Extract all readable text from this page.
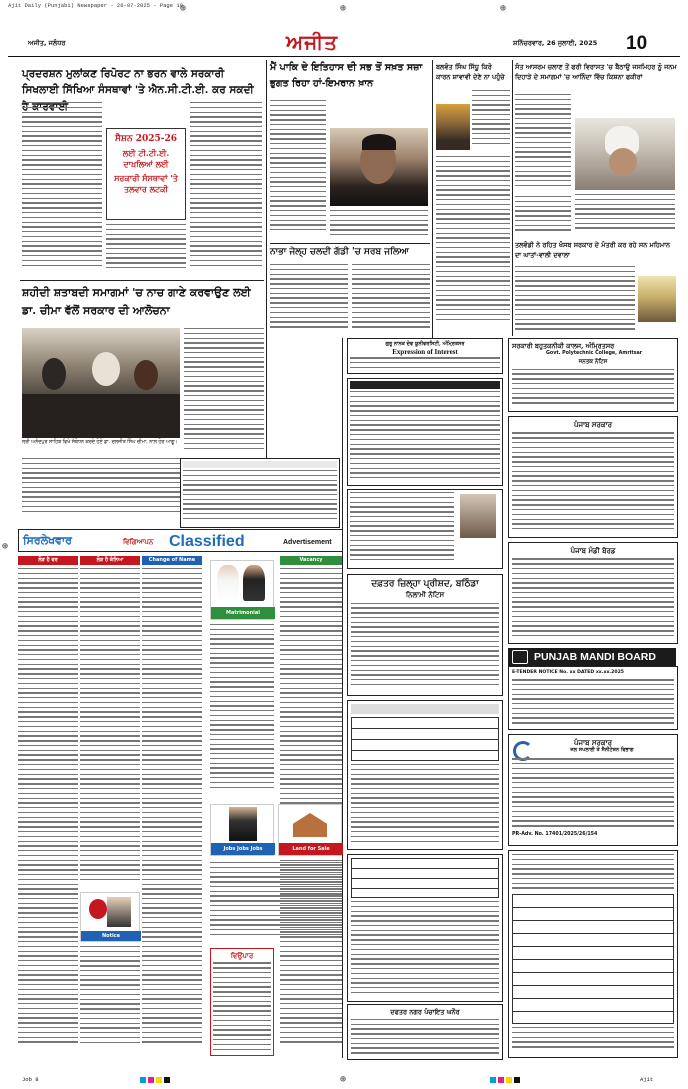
Ajit Daily (Punjabi) Newspaper - 26-07-2025 - Page 10
⊕	⊕	⊕
⊕
⊕
ਅਜੀਤ, ਜਲੰਧਰ	ਅਜੀਤ	ਸ਼ਨਿੱਚਰਵਾਰ, 26 ਜੁਲਾਈ, 2025 10
ਪ੍ਰਦਰਸ਼ਨ ਮੁਲਾਂਕਣ ਰਿਪੋਰਟ ਨਾ ਭਰਨ ਵਾਲੇ ਸਰਕਾਰੀ ਸਿਖਲਾਈ ਸਿੱਖਿਆ ਸੰਸਥਾਵਾਂ 'ਤੇ ਐਨ.ਸੀ.ਟੀ.ਈ. ਕਰ ਸਕਦੀ
ਸੈਸ਼ਨ 2025-26
ਲਈ ਟੀ.ਟੀ.ਈ. ਦਾਖ਼ਲਿਆਂ ਲਈ
ਸਰਕਾਰੀ ਸੰਸਥਾਵਾਂ 'ਤੇ ਤਲਵਾਰ ਲਟਕੀ
ਸ਼ਹੀਦੀ ਸ਼ਤਾਬਦੀ ਸਮਾਗਮਾਂ 'ਚ ਨਾਚ ਗਾਣੇ ਕਰਵਾਉਣ ਲਈ ਡਾ. ਚੀਮਾ ਵੱਲੋਂ ਸਰਕਾਰ ਦੀ ਆਲੋਚਨਾ
ਸ੍ਰੀ ਅਨੰਦਪੁਰ ਸਾਹਿਬ ਵਿਖੇ ਸੰਬੋਧਨ ਕਰਦੇ ਹੋਏ ਡਾ. ਦਲਜੀਤ ਸਿੰਘ ਚੀਮਾ, ਨਾਲ ਹੋਰ ਆਗੂ।
ਮੈਂ ਪਾਕਿ ਦੇ ਇਤਿਹਾਸ ਦੀ ਸਭ ਤੋਂ ਸਖ਼ਤ ਸਜ਼ਾ ਭੁਗਤ ਰਿਹਾ ਹਾਂ-ਇਮਰਾਨ ਖ਼ਾਨ
ਨਾਭਾ ਜੇਲ੍ਹ ਚਲਦੀ ਗੱਡੀ 'ਚ ਸਰਬ ਜਲਿਆ
ਬਲਵੰਤ ਸਿੰਘ ਸਿੱਧੂ ਕਿਰੋ ਕਾਰਨ ਸ਼ਾਵਾਵੀ ਦੇਣੇ ਨਾ ਪਹੁੰਚੇ
ਸੰਤ ਆਸਰਮ ਚਲਾਣ ਤੋਂ ਫਰੀ ਵਿਰਾਸਤ 'ਚ ਬੈਠਾਉ ਜਸਮਿਹਰ ਨੂੰ ਜਨਮ ਦਿਹਾੜੇ ਦੇ ਸਮਾਗਮਾਂ 'ਚ ਆਨਿੰਦਾ ਵਿੱਚ ਕਿਸ਼ਨਾ ਫਕੀਰਾਂ
ਤਲਵੰਡੀ ਨੇ ਰਹਿਤ ਖੰਸਬ ਸਰਕਾਰ ਦੇ ਮੰਤਰੀ ਕਰ ਰਹੇ ਸਨ ਮਹਿਮਾਨ ਦਾ ਘਾਤਾਂ-ਵਾਲੀ ਦਵਾਲਾ
ਗੁਰੂ ਨਾਨਕ ਦੇਵ ਯੂਨੀਵਰਸਿਟੀ, ਅੰਮ੍ਰਿਤਸਰ
Expression of Interest
ਸਰਕਾਰੀ ਬਹੁਤਕਨੀਕੀ ਕਾਲਜ, ਅੰਮ੍ਰਿਤਸਰ
Govt. Polytechnic College, Amritsar
ਜਨਤਕ ਨੋਟਿਸ
ਪੰਜਾਬ ਸਰਕਾਰ
ਪੰਜਾਬ ਮੰਡੀ ਬੋਰਡ
PUNJAB MANDI BOARD
E-TENDER NOTICE No. xx DATED xx.xx.2025
ਦਫ਼ਤਰ ਜ਼ਿਲ੍ਹਾ ਪ੍ਰੀਸ਼ਦ, ਬਠਿੰਡਾ
ਨਿਲਾਮੀ ਨੋਟਿਸ
ਦਫਤਰ ਨਗਰ ਪੰਚਾਇਤ ਘਨੌਰ
ਪੰਜਾਬ ਸਰਕਾਰ
ਜਲ ਸਪਲਾਈ ਤੇ ਸੈਨੀਟੇਸ਼ਨ ਵਿਭਾਗ
PR-Adv. No. 17401/2025/26/154
ਸਿਰਲੇਖਵਾਰ	ਵਿਗਿਆਪਨ Classified	Advertisement
ਲੋੜ ਹੈ ਵਰ	ਲੋੜ ਹੈ ਕੰਨਿਆ	Change of Name	Vacancy
Matrimonial
Jobs Jobs Jobs	Land for Sale
Notice
ਵਿਉਪਾਰ
Job 8	Ajit
